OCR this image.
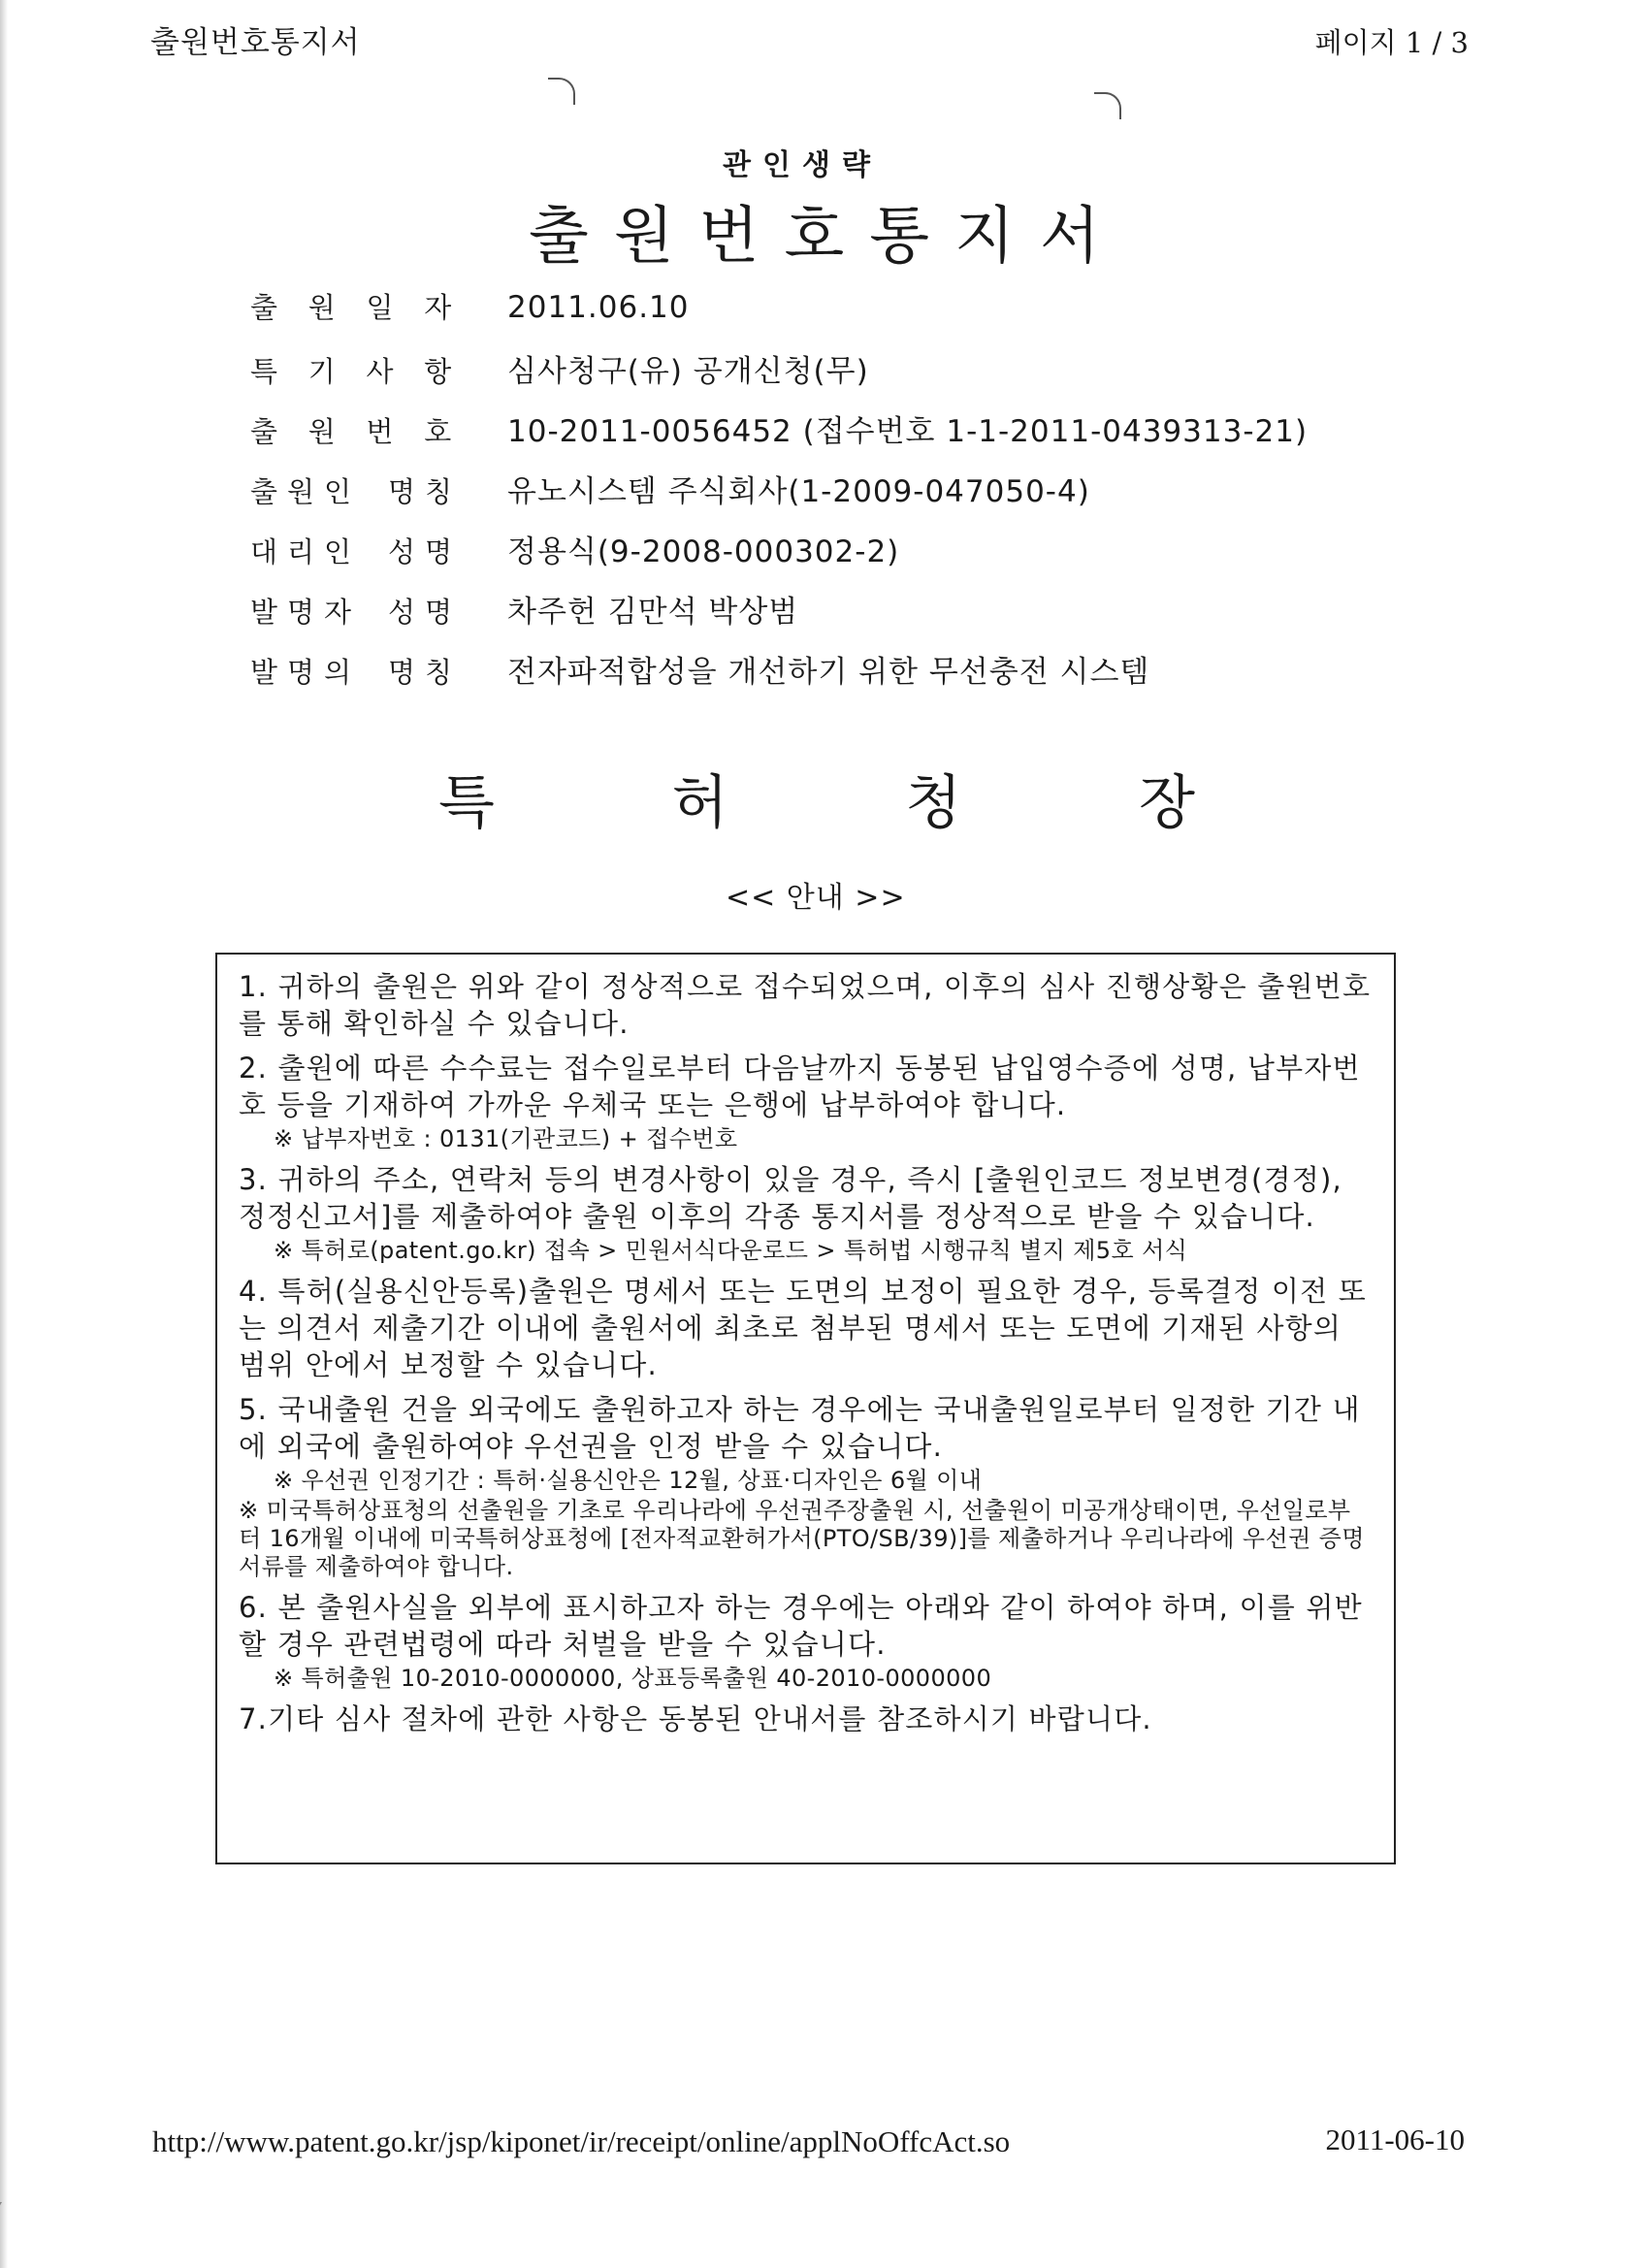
출원번호통지서	페이지 1 / 3
관인생략
출원번호통지서
출 원 일 자 2011.06.10
특 기 사 항 심사청구(유) 공개신청(무)
출 원 번 호 10-2011-0056452 (접수번호 1-1-2011-0439313-21)
출원인 명칭 유노시스템 주식회사(1-2009-047050-4)
대리인 성명 정용식(9-2008-000302-2)
발명자 성명 차주헌 김만석 박상범
발명의 명칭 전자파적합성을 개선하기 위한 무선충전 시스템
특	허	청	장
<< 안내 >>
1. 귀하의 출원은 위와 같이 정상적으로 접수되었으며, 이후의 심사 진행상황은 출원번호를 통해 확인하실 수 있습니다.
2. 출원에 따른 수수료는 접수일로부터 다음날까지 동봉된 납입영수증에 성명, 납부자번호 등을 기재하여 가까운 우체국 또는 은행에 납부하여야 합니다.
※ 납부자번호 : 0131(기관코드) + 접수번호
3. 귀하의 주소, 연락처 등의 변경사항이 있을 경우, 즉시 [출원인코드 정보변경(경정), 정정신고서]를 제출하여야 출원 이후의 각종 통지서를 정상적으로 받을 수 있습니다.
※ 특허로(patent.go.kr) 접속 > 민원서식다운로드 > 특허법 시행규칙 별지 제5호 서식
4. 특허(실용신안등록)출원은 명세서 또는 도면의 보정이 필요한 경우, 등록결정 이전 또는 의견서 제출기간 이내에 출원서에 최초로 첨부된 명세서 또는 도면에 기재된 사항의 범위 안에서 보정할 수 있습니다.
5. 국내출원 건을 외국에도 출원하고자 하는 경우에는 국내출원일로부터 일정한 기간 내에 외국에 출원하여야 우선권을 인정 받을 수 있습니다.
※ 우선권 인정기간 : 특허·실용신안은 12월, 상표·디자인은 6월 이내
※ 미국특허상표청의 선출원을 기초로 우리나라에 우선권주장출원 시, 선출원이 미공개상태이면, 우선일로부터 16개월 이내에 미국특허상표청에 [전자적교환허가서(PTO/SB/39)]를 제출하거나 우리나라에 우선권 증명서류를 제출하여야 합니다.
6. 본 출원사실을 외부에 표시하고자 하는 경우에는 아래와 같이 하여야 하며, 이를 위반할 경우 관련법령에 따라 처벌을 받을 수 있습니다.
※ 특허출원 10-2010-0000000, 상표등록출원 40-2010-0000000
7.기타 심사 절차에 관한 사항은 동봉된 안내서를 참조하시기 바랍니다.
http://www.patent.go.kr/jsp/kiponet/ir/receipt/online/applNoOffcAct.so	2011-06-10
